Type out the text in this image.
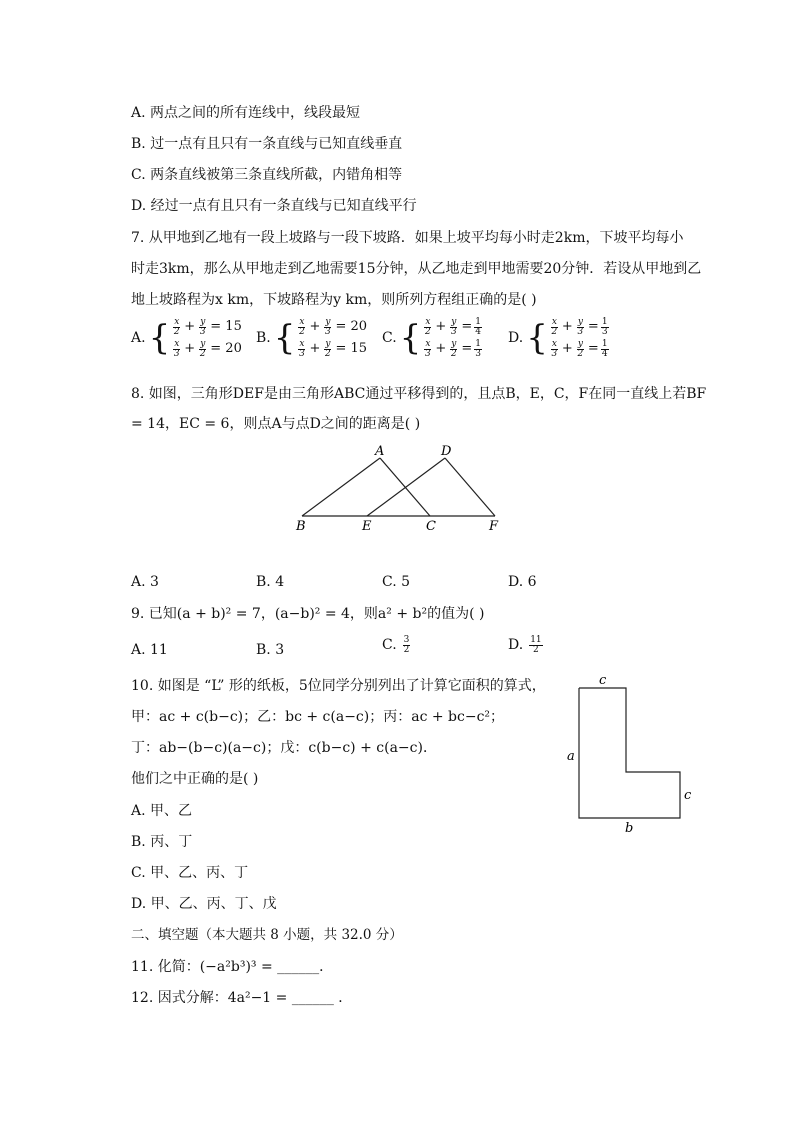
A. 两点之间的所有连线中，线段最短
B. 过一点有且只有一条直线与已知直线垂直
C. 两条直线被第三条直线所截，内错角相等
D. 经过一点有且只有一条直线与已知直线平行
7. 从甲地到乙地有一段上坡路与一段下坡路．如果上坡平均每小时走2km，下坡平均每小
时走3km，那么从甲地走到乙地需要15分钟，从乙地走到甲地需要20分钟．若设从甲地到乙
地上坡路程为x km，下坡路程为y km，则所列方程组正确的是( )
A. { $\frac{x}{2} + \frac{y}{3} = 15$
$\frac{x}{3} + \frac{y}{2} = 20$
B. { $\frac{x}{2} + \frac{y}{3} = 20$
$\frac{x}{3} + \frac{y}{2} = 15$
C. { $\frac{x}{2} + \frac{y}{3} = \frac{1}{4}$
$\frac{x}{3} + \frac{y}{2} = \frac{1}{3}$
D. { $\frac{x}{2} + \frac{y}{3} = \frac{1}{3}$
$\frac{x}{3} + \frac{y}{2} = \frac{1}{4}$
8. 如图，三角形DEF是由三角形ABC通过平移得到的，且点B，E，C，F在同一直线上若BF
= 14，EC = 6，则点A与点D之间的距离是( )
A	D
B	E	C	F
A. 3	B. 4	C. 5	D. 6
9. 已知(a + b)² = 7，(a−b)² = 4，则a² + b²的值为( )
A. 11	B. 3	C. $\frac{3}{2}$	D. $\frac{11}{2}$
10. 如图是 “L” 形的纸板，5位同学分别列出了计算它面积的算式，
甲：ac + c(b−c)；乙：bc + c(a−c)；丙：ac + bc−c²；
丁：ab−(b−c)(a−c)；戊：c(b−c) + c(a−c)．
他们之中正确的是( )
A. 甲、乙
B. 丙、丁
C. 甲、乙、丙、丁
D. 甲、乙、丙、丁、戊
c
a
c
b
二、填空题（本大题共 8 小题，共 32.0 分）
11. 化简：(−a²b³)³ = ______．
12. 因式分解：4a²−1 = ______ ．
